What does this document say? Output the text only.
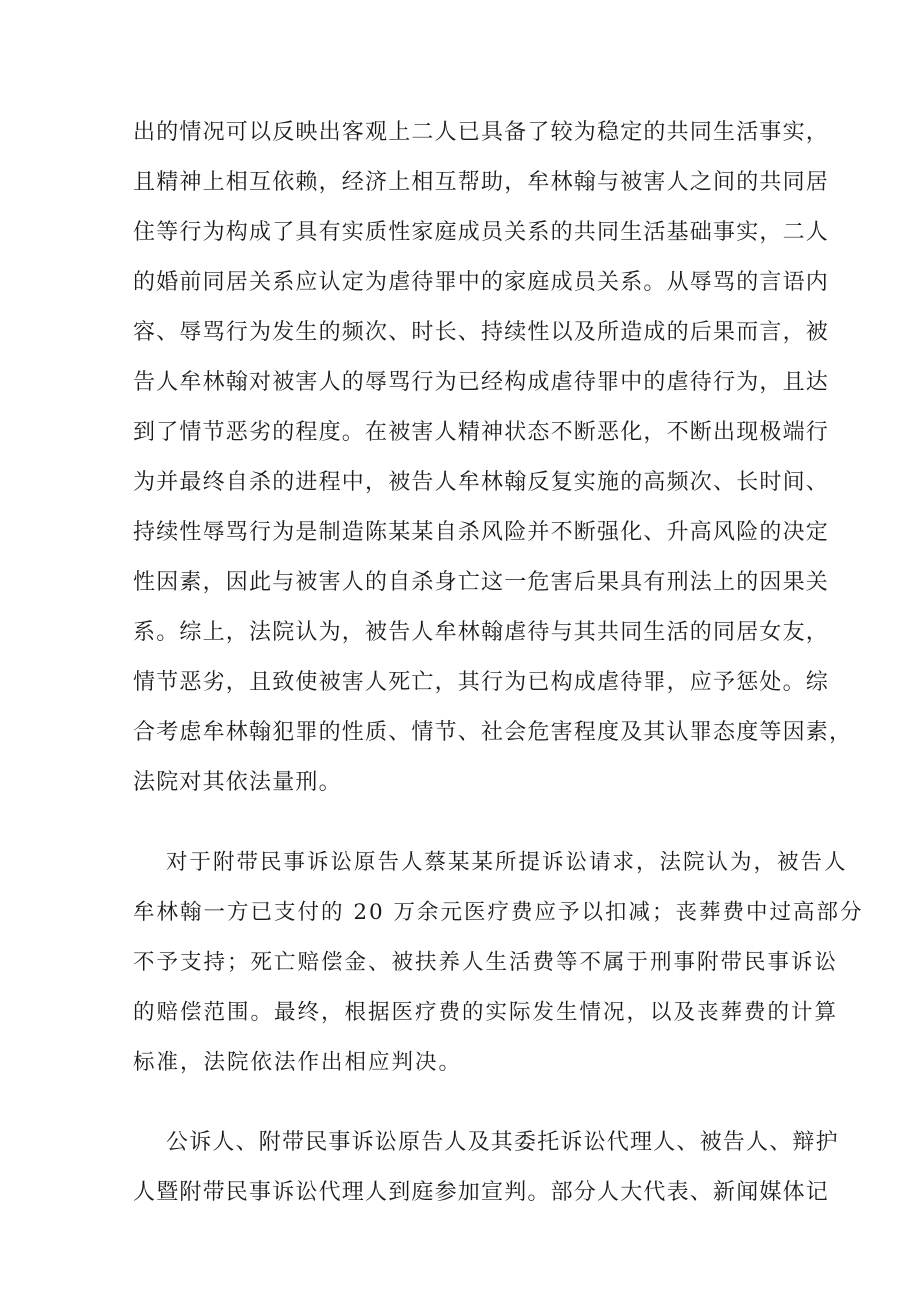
出的情况可以反映出客观上二人已具备了较为稳定的共同生活事实，
且精神上相互依赖，经济上相互帮助，牟林翰与被害人之间的共同居
住等行为构成了具有实质性家庭成员关系的共同生活基础事实，二人
的婚前同居关系应认定为虐待罪中的家庭成员关系。从辱骂的言语内
容、辱骂行为发生的频次、时长、持续性以及所造成的后果而言，被
告人牟林翰对被害人的辱骂行为已经构成虐待罪中的虐待行为，且达
到了情节恶劣的程度。在被害人精神状态不断恶化，不断出现极端行
为并最终自杀的进程中，被告人牟林翰反复实施的高频次、长时间、
持续性辱骂行为是制造陈某某自杀风险并不断强化、升高风险的决定
性因素，因此与被害人的自杀身亡这一危害后果具有刑法上的因果关
系。综上，法院认为，被告人牟林翰虐待与其共同生活的同居女友，
情节恶劣，且致使被害人死亡，其行为已构成虐待罪，应予惩处。综
合考虑牟林翰犯罪的性质、情节、社会危害程度及其认罪态度等因素，
法院对其依法量刑。
对于附带民事诉讼原告人蔡某某所提诉讼请求，法院认为，被告人
牟林翰一方已支付的 20 万余元医疗费应予以扣减；丧葬费中过高部分
不予支持；死亡赔偿金、被扶养人生活费等不属于刑事附带民事诉讼
的赔偿范围。最终，根据医疗费的实际发生情况，以及丧葬费的计算
标准，法院依法作出相应判决。
公诉人、附带民事诉讼原告人及其委托诉讼代理人、被告人、辩护
人暨附带民事诉讼代理人到庭参加宣判。部分人大代表、新闻媒体记
